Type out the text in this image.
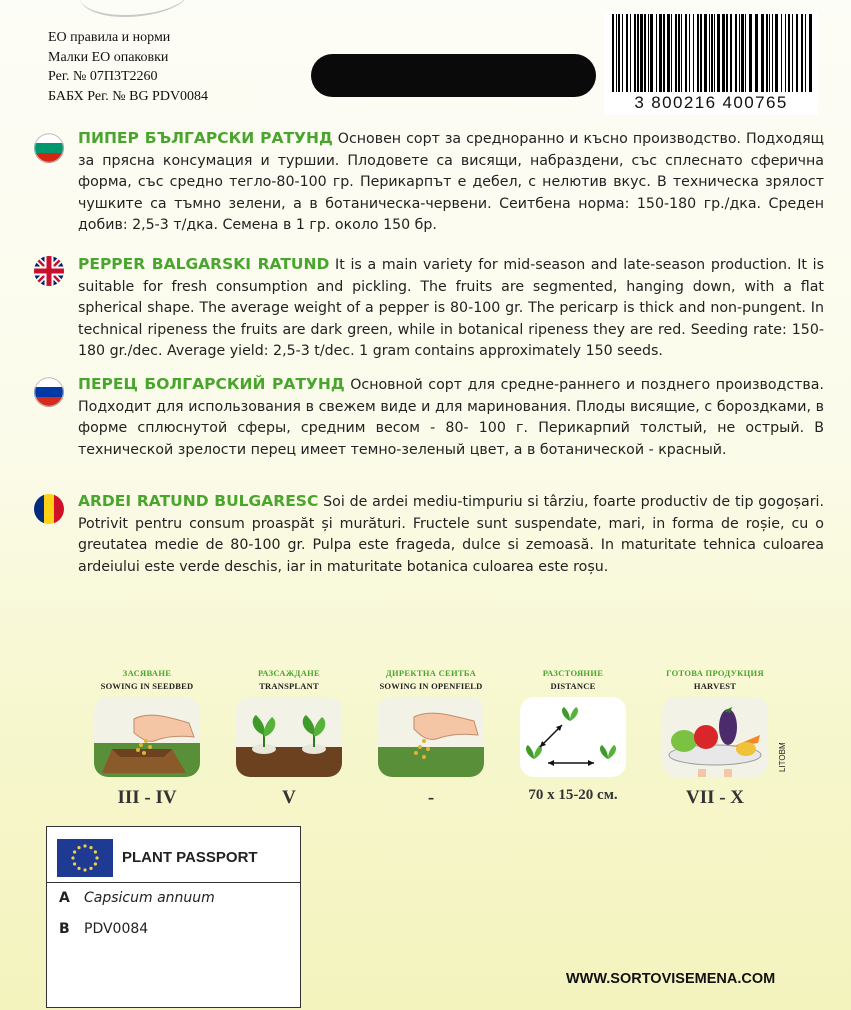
ЕО правила и норми
Малки ЕО опаковки
Рег. № 07П3Т2260
БАБХ Рег. № BG PDV0084	3 800216 400765
ПИПЕР БЪЛГАРСКИ РАТУНД Основен сорт за средноранно и късно производство. Подходящ за прясна консумация и туршии. Плодовете са висящи, набраздени, със сплеснато сферична форма, със средно тегло-80-100 гр. Перикарпът е дебел, с нелютив вкус. В техническа зрялост чушките са тъмно зелени, а в ботаническа-червени. Сеитбена норма: 150-180 гр./дка. Среден добив: 2,5-3 т/дка. Семена в 1 гр. около 150 бр.
PEPPER BALGARSKI RATUND It is a main variety for mid-season and late-season production. It is suitable for fresh consumption and pickling. The fruits are segmented, hanging down, with a flat spherical shape. The average weight of a pepper is 80-100 gr. The pericarp is thick and non-pungent. In technical ripeness the fruits are dark green, while in botanical ripeness they are red. Seeding rate: 150-180 gr./dec. Average yield: 2,5-3 t/dec. 1 gram contains approximately 150 seeds.
ПЕРЕЦ БОЛГАРСКИЙ РАТУНД Основной сорт для средне-раннего и позднего производства. Подходит для использования в свежем виде и для маринования. Плоды висящие, с бороздками, в форме сплюснутой сферы, средним весом - 80- 100 г. Перикарпий толстый, не острый. В технической зрелости перец имеет темно-зеленый цвет, а в ботанической - красный.
ARDEI RATUND BULGARESC Soi de ardei mediu-timpuriu si târziu, foarte productiv de tip gogoșari. Potrivit pentru consum proaspăt și murături. Fructele sunt suspendate, mari, in forma de roșie, cu o greutatea medie de 80-100 gr. Pulpa este frageda, dulce si zemoasă. In maturitate tehnica culoarea ardeiului este verde deschis, iar in maturitate botanica culoarea este roșu.
ЗАСЯВАНЕ
SOWING IN SEEDBED
III - IV
РАЗСАЖДАНЕ
TRANSPLANT
V
ДИРЕКТНА СЕИТБА
SOWING IN OPENFIELD
-
РАЗСТОЯНИЕ
DISTANCE
70 x 15-20 см.
ГОТОВА ПРОДУКЦИЯ
HARVEST
VII - X
LITOBM
PLANT PASSPORT
A Capsicum annuum
B PDV0084
WWW.SORTOVISEMENA.COM
